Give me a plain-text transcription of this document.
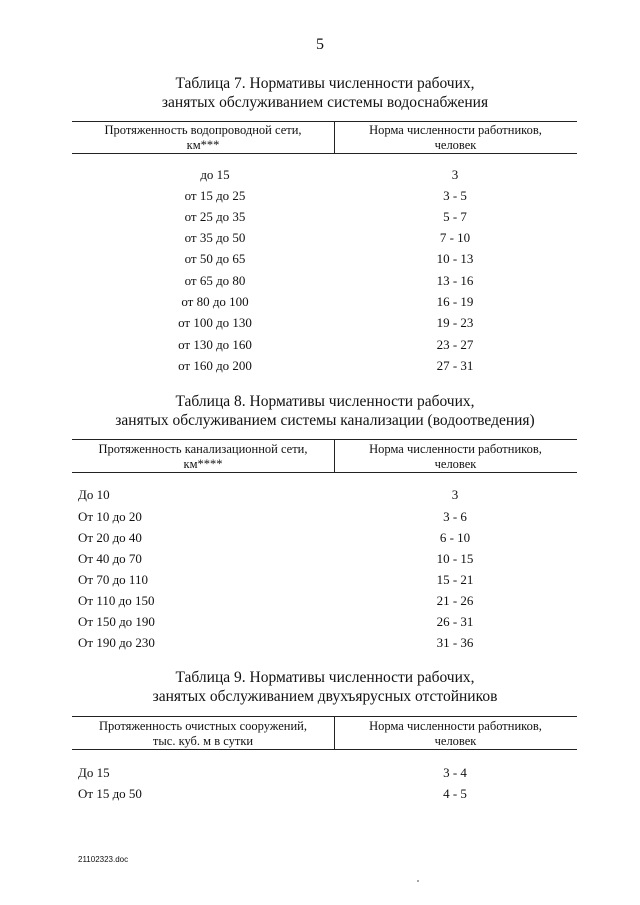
5
Таблица 7. Нормативы численности рабочих,
занятых обслуживанием системы водоснабжения
Протяженность водопроводной сети,
км***
Норма численности работников,
человек
до 15	3
от 15 до 25	3 - 5
от 25 до 35	5 - 7
от 35 до 50	7 - 10
от 50 до 65	10 - 13
от 65 до 80	13 - 16
от 80 до 100	16 - 19
от 100 до 130	19 - 23
от 130 до 160	23 - 27
от 160 до 200	27 - 31
Таблица 8. Нормативы численности рабочих,
занятых обслуживанием системы канализации (водоотведения)
Протяженность канализационной сети,
км****
Норма численности работников,
человек
До 10	3
От 10 до 20	3 - 6
От 20 до 40	6 - 10
От 40 до 70	10 - 15
От 70 до 110	15 - 21
От 110 до 150	21 - 26
От 150 до 190	26 - 31
От 190 до 230	31 - 36
Таблица 9. Нормативы численности рабочих,
занятых обслуживанием двухъярусных отстойников
Протяженность очистных сооружений,
тыс. куб. м в сутки
Норма численности работников,
человек
До 15	3 - 4
От 15 до 50	4 - 5
21102323.doc
